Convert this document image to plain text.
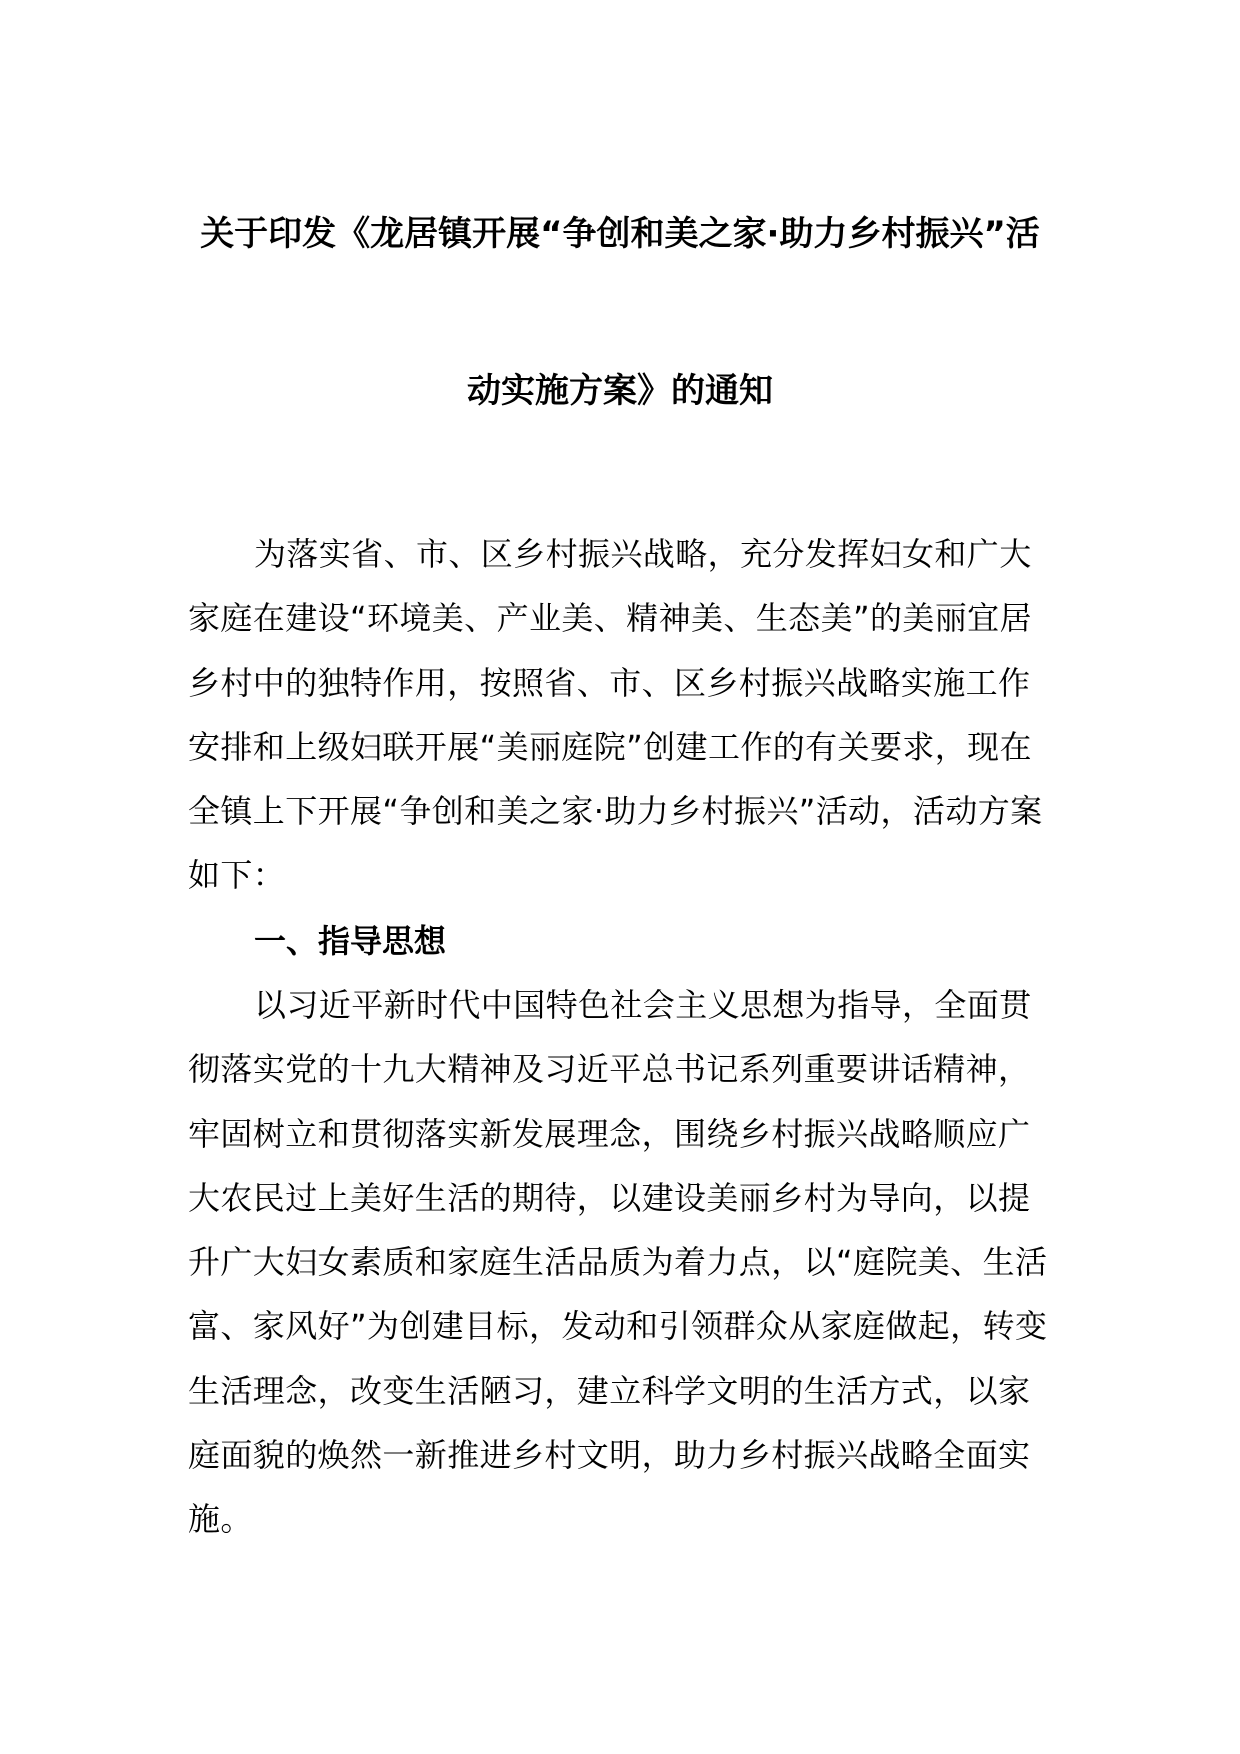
关于印发《龙居镇开展“争创和美之家·助力乡村振兴”活
动实施方案》的通知
为落实省、市、区乡村振兴战略，充分发挥妇女和广大家庭在建设“环境美、产业美、精神美、生态美”的美丽宜居乡村中的独特作用，按照省、市、区乡村振兴战略实施工作安排和上级妇联开展“美丽庭院”创建工作的有关要求，现在全镇上下开展“争创和美之家·助力乡村振兴”活动，活动方案如下：
一、指导思想
以习近平新时代中国特色社会主义思想为指导，全面贯彻落实党的十九大精神及习近平总书记系列重要讲话精神，牢固树立和贯彻落实新发展理念，围绕乡村振兴战略顺应广大农民过上美好生活的期待，以建设美丽乡村为导向，以提升广大妇女素质和家庭生活品质为着力点，以“庭院美、生活富、家风好”为创建目标，发动和引领群众从家庭做起，转变生活理念，改变生活陋习，建立科学文明的生活方式，以家庭面貌的焕然一新推进乡村文明，助力乡村振兴战略全面实施。
